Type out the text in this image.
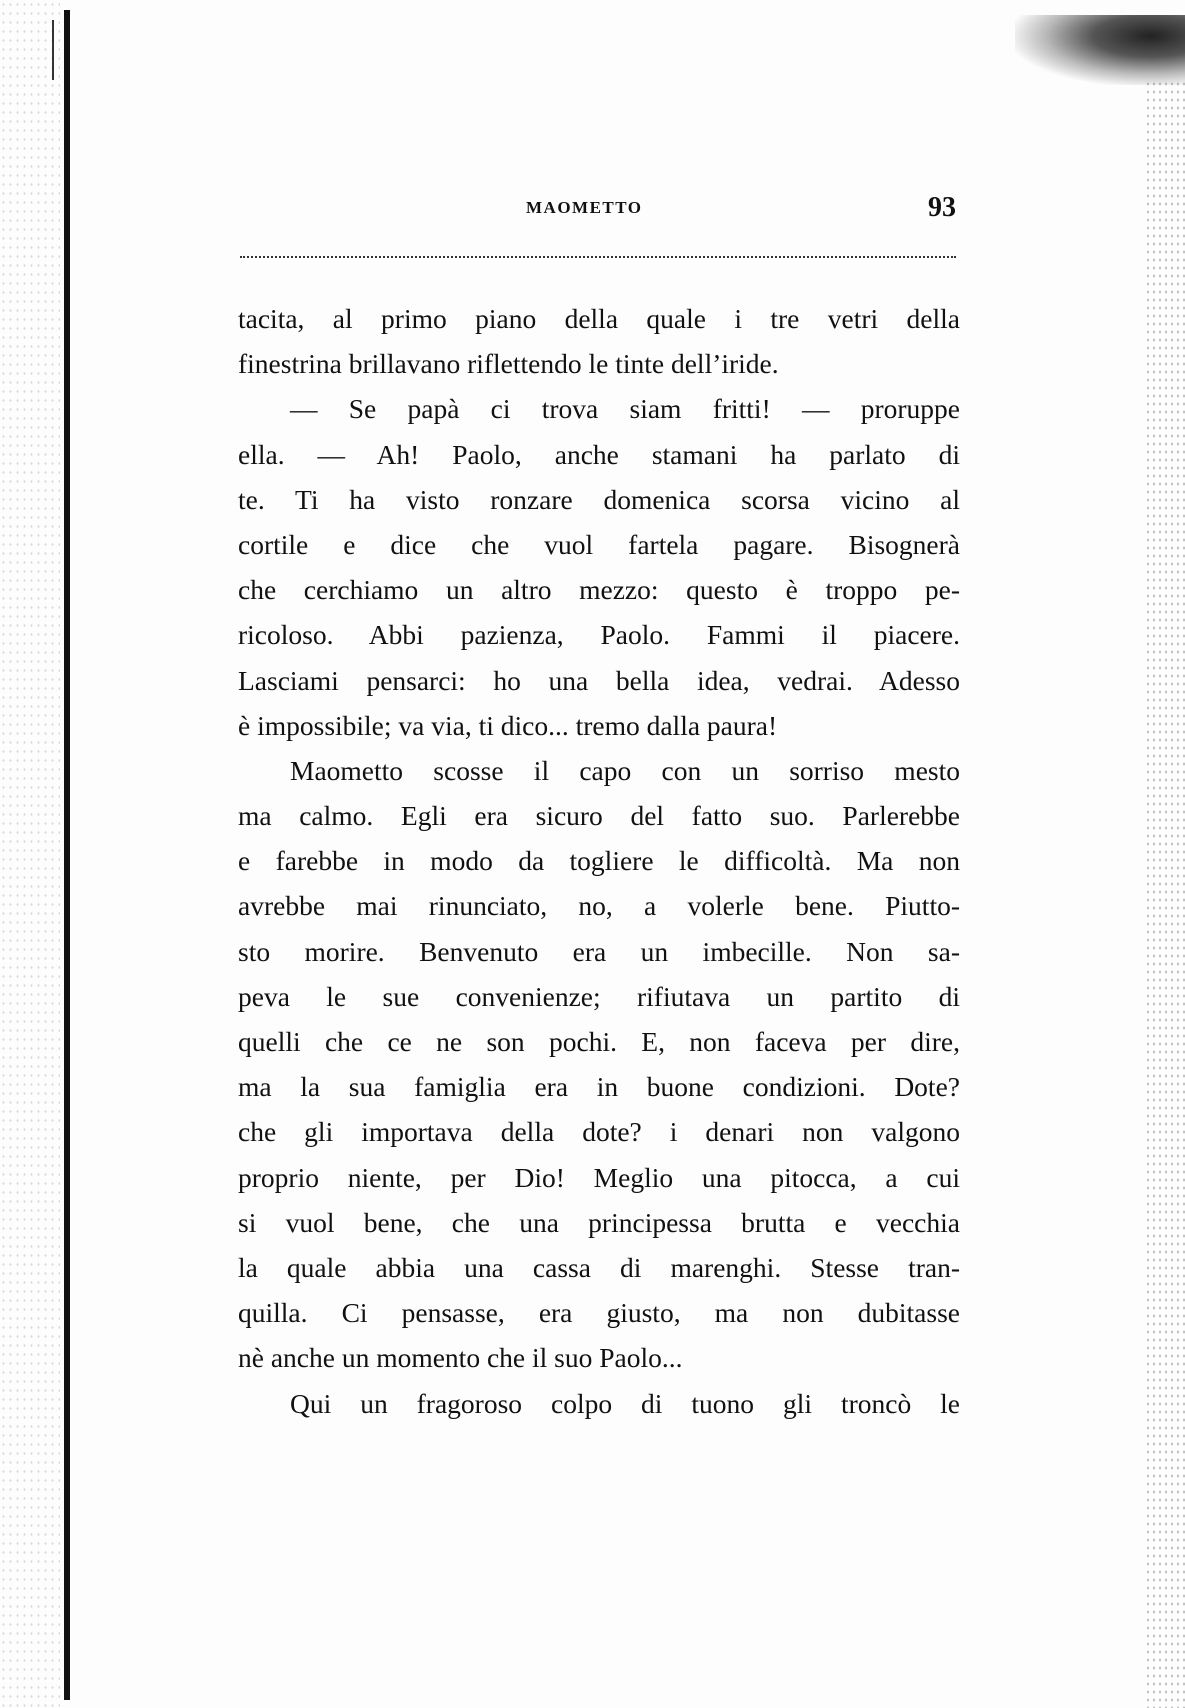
MAOMETTO	93
tacita, al primo piano della quale i tre vetri della
finestrina brillavano riflettendo le tinte dell’iride.
— Se papà ci trova siam fritti! — proruppe
ella. — Ah! Paolo, anche stamani ha parlato di
te. Ti ha visto ronzare domenica scorsa vicino al
cortile e dice che vuol fartela pagare. Bisognerà
che cerchiamo un altro mezzo: questo è troppo pe-
ricoloso. Abbi pazienza, Paolo. Fammi il piacere.
Lasciami pensarci: ho una bella idea, vedrai. Adesso
è impossibile; va via, ti dico... tremo dalla paura!
Maometto scosse il capo con un sorriso mesto
ma calmo. Egli era sicuro del fatto suo. Parlerebbe
e farebbe in modo da togliere le difficoltà. Ma non
avrebbe mai rinunciato, no, a volerle bene. Piutto-
sto morire. Benvenuto era un imbecille. Non sa-
peva le sue convenienze; rifiutava un partito di
quelli che ce ne son pochi. E, non faceva per dire,
ma la sua famiglia era in buone condizioni. Dote?
che gli importava della dote? i denari non valgono
proprio niente, per Dio! Meglio una pitocca, a cui
si vuol bene, che una principessa brutta e vecchia
la quale abbia una cassa di marenghi. Stesse tran-
quilla. Ci pensasse, era giusto, ma non dubitasse
nè anche un momento che il suo Paolo...
Qui un fragoroso colpo di tuono gli troncò le
